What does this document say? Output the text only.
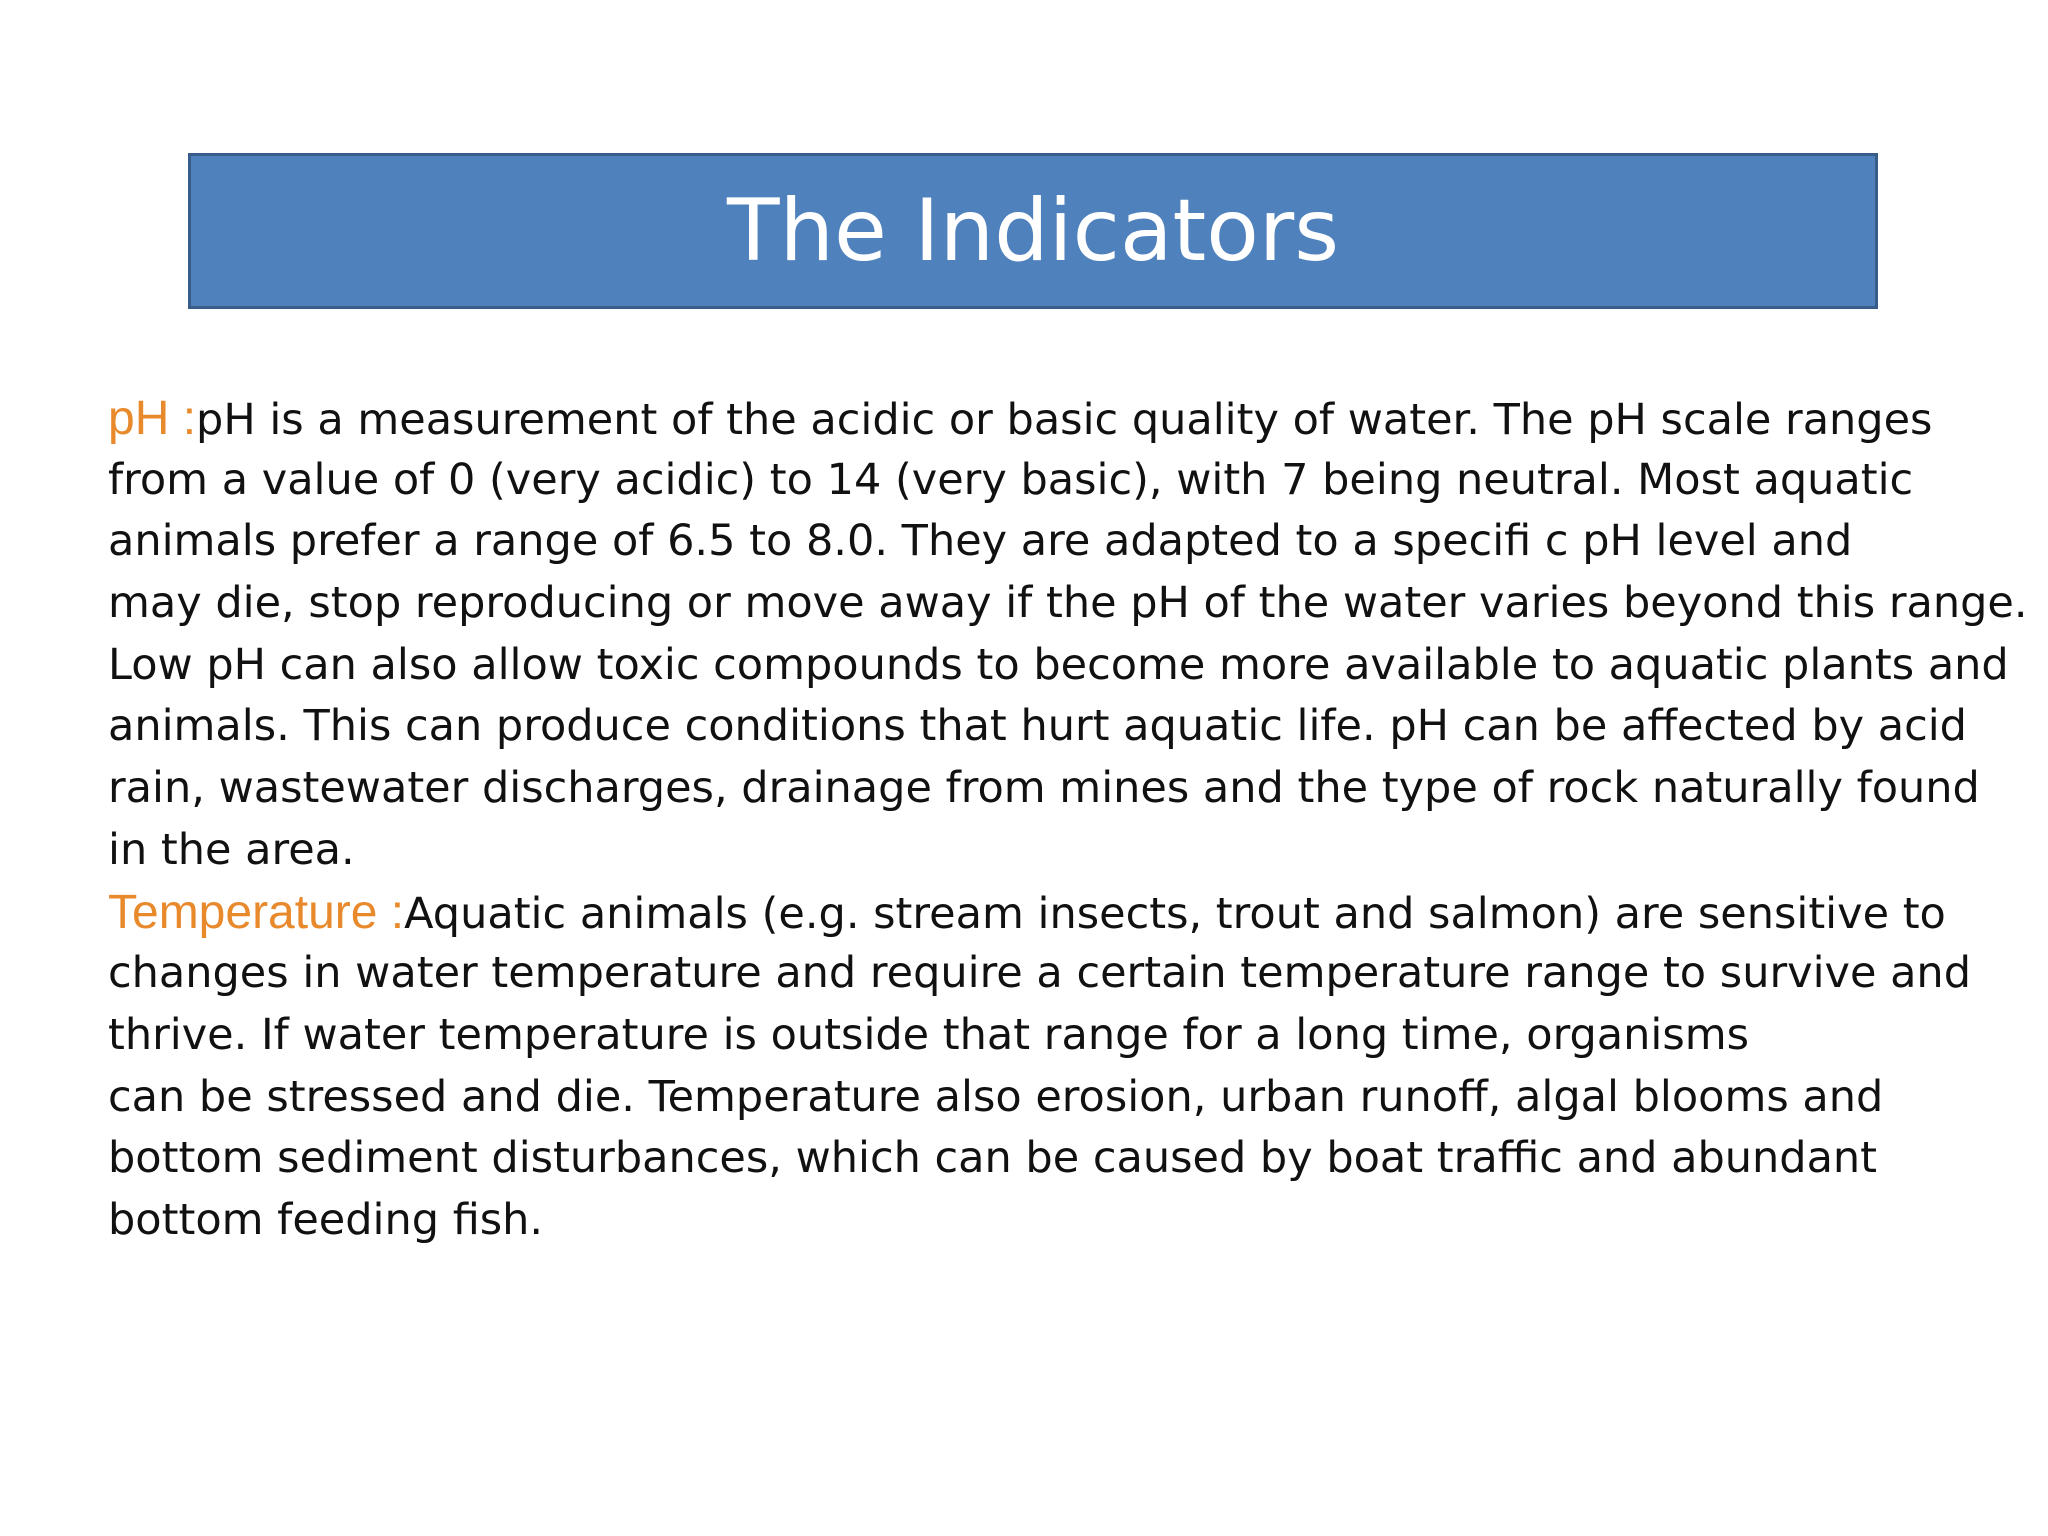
The Indicators
pH :pH is a measurement of the acidic or basic quality of water. The pH scale ranges
from a value of 0 (very acidic) to 14 (very basic), with 7 being neutral. Most aquatic
animals prefer a range of 6.5 to 8.0. They are adapted to a specifi c pH level and
may die, stop reproducing or move away if the pH of the water varies beyond this range.
Low pH can also allow toxic compounds to become more available to aquatic plants and
animals. This can produce conditions that hurt aquatic life. pH can be affected by acid
rain, wastewater discharges, drainage from mines and the type of rock naturally found
in the area.
Temperature :Aquatic animals (e.g. stream insects, trout and salmon) are sensitive to
changes in water temperature and require a certain temperature range to survive and
thrive. If water temperature is outside that range for a long time, organisms
can be stressed and die. Temperature also erosion, urban runoff, algal blooms and
bottom sediment disturbances, which can be caused by boat traffic and abundant
bottom feeding fish.
